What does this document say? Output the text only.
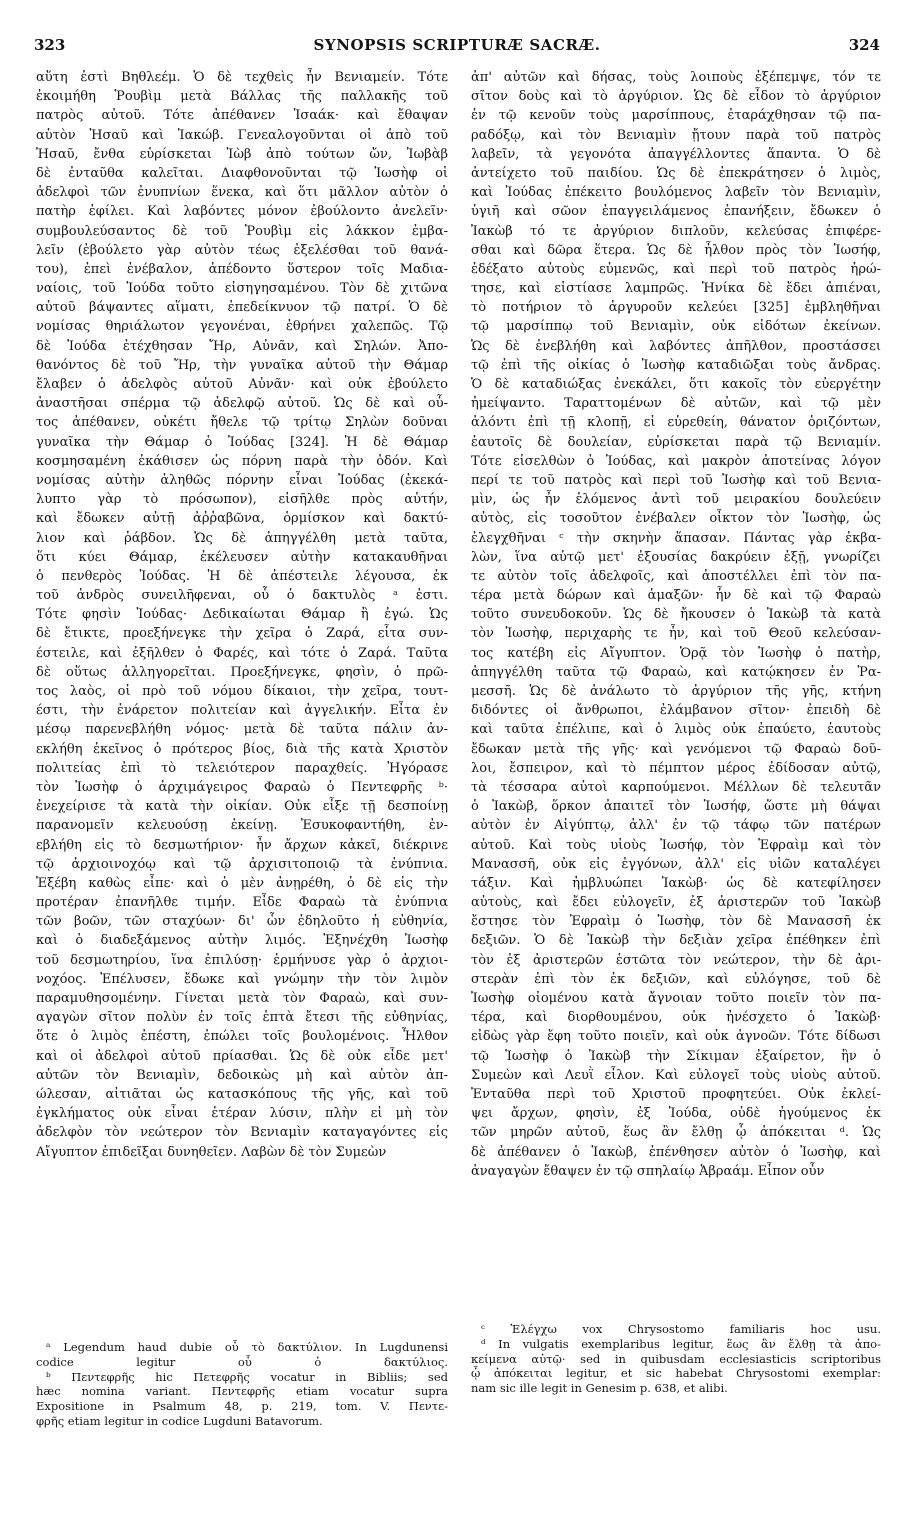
323	SYNOPSIS SCRIPTURÆ SACRÆ.	324
αὕτη ἐστὶ Βηθλεέμ. Ὁ δὲ τεχθεὶς ἦν Βενιαμείν. Τότε
ἐκοιμήθη Ῥουβὶμ μετὰ Βάλλας τῆς παλλακῆς τοῦ
πατρὸς αὐτοῦ. Τότε ἀπέθανεν Ἰσαάκ· καὶ ἔθαψαν
αὐτὸν Ἠσαῦ καὶ Ἰακώβ. Γενεαλογοῦνται οἱ ἀπὸ τοῦ
Ἠσαῦ, ἔνθα εὑρίσκεται Ἰὼβ ἀπὸ τούτων ὤν, Ἰωβὰβ
δὲ ἐνταῦθα καλεῖται. Διαφθονοῦνται τῷ Ἰωσὴφ οἱ
ἀδελφοὶ τῶν ἐνυπνίων ἕνεκα, καὶ ὅτι μᾶλλον αὐτὸν ὁ
πατὴρ ἐφίλει. Καὶ λαβόντες μόνον ἐβούλοντο ἀνελεῖν·
συμβουλεύσαντος δὲ τοῦ Ῥουβὶμ εἰς λάκκον ἐμβα-
λεῖν (ἐβούλετο γὰρ αὐτὸν τέως ἐξελέσθαι τοῦ θανά-
του), ἐπεὶ ἐνέβαλον, ἀπέδοντο ὕστερον τοῖς Μαδια-
ναίοις, τοῦ Ἰούδα τοῦτο εἰσηγησαμένου. Τὸν δὲ χιτῶνα
αὐτοῦ βάψαντες αἵματι, ἐπεδείκνυον τῷ πατρί. Ὁ δὲ
νομίσας θηριάλωτον γεγονέναι, ἐθρήνει χαλεπῶς. Τῷ
δὲ Ἰούδα ἐτέχθησαν Ἤρ, Αὐνᾶν, καὶ Σηλών. Ἀπο-
θανόντος δὲ τοῦ Ἤρ, τὴν γυναῖκα αὐτοῦ τὴν Θάμαρ
ἔλαβεν ὁ ἀδελφὸς αὐτοῦ Αὐνᾶν· καὶ οὐκ ἐβούλετο
ἀναστῆσαι σπέρμα τῷ ἀδελφῷ αὐτοῦ. Ὡς δὲ καὶ οὗ-
τος ἀπέθανεν, οὐκέτι ἤθελε τῷ τρίτῳ Σηλὼν δοῦναι
γυναῖκα τὴν Θάμαρ ὁ Ἰούδας [324]. Ἡ δὲ Θάμαρ
κοσμησαμένη ἐκάθισεν ὡς πόρνη παρὰ τὴν ὁδόν. Καὶ
νομίσας αὐτὴν ἀληθῶς πόρνην εἶναι Ἰούδας (ἐκεκά-
λυπτο γὰρ τὸ πρόσωπον), εἰσῆλθε πρὸς αὐτήν,
καὶ ἔδωκεν αὐτῇ ἀῤῥαβῶνα, ὁρμίσκον καὶ δακτύ-
λιον καὶ ῥάβδον. Ὡς δὲ ἀπηγγέλθη μετὰ ταῦτα,
ὅτι κύει Θάμαρ, ἐκέλευσεν αὐτὴν κατακαυθῆναι
ὁ πενθερὸς Ἰούδας. Ἡ δὲ ἀπέστειλε λέγουσα, ἐκ
τοῦ ἀνδρὸς συνειλῆφεναι, οὗ ὁ δακτυλὸς ᵃ ἐστι.
Τότε φησὶν Ἰούδας· Δεδικαίωται Θάμαρ ἢ ἐγώ. Ὡς
δὲ ἔτικτε, προεξήνεγκε τὴν χεῖρα ὁ Ζαρά, εἶτα συν-
έστειλε, καὶ ἐξῆλθεν ὁ Φαρές, καὶ τότε ὁ Ζαρά. Ταῦτα
δὲ οὕτως ἀλληγορεῖται. Προεξήνεγκε, φησὶν, ὁ πρῶ-
τος λαὸς, οἱ πρὸ τοῦ νόμου δίκαιοι, τὴν χεῖρα, τουτ-
έστι, τὴν ἐνάρετον πολιτείαν καὶ ἀγγελικήν. Εἶτα ἐν
μέσῳ παρενεβλήθη νόμος· μετὰ δὲ ταῦτα πάλιν ἀν-
εκλήθη ἐκεῖνος ὁ πρότερος βίος, διὰ τῆς κατὰ Χριστὸν
πολιτείας ἐπὶ τὸ τελειότερον παραχθείς. Ἠγόρασε
τὸν Ἰωσὴφ ὁ ἀρχιμάγειρος Φαραὼ ὁ Πεντεφρῆς ᵇ·
ἐνεχείρισε τὰ κατὰ τὴν οἰκίαν. Οὐκ εἶξε τῇ δεσποίνῃ
παρανομεῖν κελευούσῃ ἐκείνῃ. Ἐσυκοφαντήθη, ἐν-
εβλήθη εἰς τὸ δεσμωτήριον· ἦν ἄρχων κἀκεῖ, διέκρινε
τῷ ἀρχιοινοχόῳ καὶ τῷ ἀρχισιτοποιῷ τὰ ἐνύπνια.
Ἐξέβη καθὼς εἶπε· καὶ ὁ μὲν ἀνῃρέθη, ὁ δὲ εἰς τὴν
προτέραν ἐπανῆλθε τιμήν. Εἶδε Φαραὼ τὰ ἐνύπνια
τῶν βοῶν, τῶν σταχύων· δι' ὧν ἐδηλοῦτο ἡ εὐθηνία,
καὶ ὁ διαδεξάμενος αὐτὴν λιμός. Ἐξηνέχθη Ἰωσὴφ
τοῦ δεσμωτηρίου, ἵνα ἐπιλύσῃ· ἑρμήνυσε γὰρ ὁ ἀρχιοι-
νοχόος. Ἐπέλυσεν, ἔδωκε καὶ γνώμην τὴν τὸν λιμὸν
παραμυθησομένην. Γίνεται μετὰ τὸν Φαραὼ, καὶ συν-
αγαγὼν σῖτον πολὺν ἐν τοῖς ἑπτὰ ἔτεσι τῆς εὐθηνίας,
ὅτε ὁ λιμὸς ἐπέστη, ἐπώλει τοῖς βουλομένοις. Ἦλθον
καὶ οἱ ἀδελφοὶ αὐτοῦ πρίασθαι. Ὡς δὲ οὐκ εἶδε μετ'
αὐτῶν τὸν Βενιαμὶν, δεδοικὼς μὴ καὶ αὐτὸν ἀπ-
ώλεσαν, αἰτιᾶται ὡς κατασκόπους τῆς γῆς, καὶ τοῦ
ἐγκλήματος οὐκ εἶναι ἑτέραν λύσιν, πλὴν εἰ μὴ τὸν
ἀδελφὸν τὸν νεώτερον τὸν Βενιαμὶν καταγαγόντες εἰς
Αἴγυπτον ἐπιδεῖξαι δυνηθεῖεν. Λαβὼν δὲ τὸν Συμεὼν
ἀπ' αὐτῶν καὶ δήσας, τοὺς λοιποὺς ἐξέπεμψε, τόν τε
σῖτον δοὺς καὶ τὸ ἀργύριον. Ὡς δὲ εἶδον τὸ ἀργύριον
ἐν τῷ κενοῦν τοὺς μαρσίππους, ἐταράχθησαν τῷ πα-
ραδόξῳ, καὶ τὸν Βενιαμὶν ᾔτουν παρὰ τοῦ πατρὸς
λαβεῖν, τὰ γεγονότα ἀπαγγέλλοντες ἅπαντα. Ὁ δὲ
ἀντείχετο τοῦ παιδίου. Ὡς δὲ ἐπεκράτησεν ὁ λιμὸς,
καὶ Ἰούδας ἐπέκειτο βουλόμενος λαβεῖν τὸν Βενιαμὶν,
ὑγιῆ καὶ σῶον ἐπαγγειλάμενος ἐπανήξειν, ἔδωκεν ὁ
Ἰακὼβ τό τε ἀργύριον διπλοῦν, κελεύσας ἐπιφέρε-
σθαι καὶ δῶρα ἕτερα. Ὡς δὲ ἦλθον πρὸς τὸν Ἰωσήφ,
ἐδέξατο αὐτοὺς εὐμενῶς, καὶ περὶ τοῦ πατρὸς ἠρώ-
τησε, καὶ εἱστίασε λαμπρῶς. Ἡνίκα δὲ ἔδει ἀπιέναι,
τὸ ποτήριον τὸ ἀργυροῦν κελεύει [325] ἐμβληθῆναι
τῷ μαρσίππῳ τοῦ Βενιαμὶν, οὐκ εἰδότων ἐκείνων.
Ὡς δὲ ἐνεβλήθη καὶ λαβόντες ἀπῆλθον, προστάσσει
τῷ ἐπὶ τῆς οἰκίας ὁ Ἰωσὴφ καταδιῶξαι τοὺς ἄνδρας.
Ὁ δὲ καταδιώξας ἐνεκάλει, ὅτι κακοῖς τὸν εὐεργέτην
ἠμείψαντο. Ταραττομένων δὲ αὐτῶν, καὶ τῷ μὲν
ἀλόντι ἐπὶ τῇ κλοπῇ, εἰ εὑρεθείη, θάνατον ὁριζόντων,
ἑαυτοῖς δὲ δουλείαν, εὑρίσκεται παρὰ τῷ Βενιαμίν.
Τότε εἰσελθὼν ὁ Ἰούδας, καὶ μακρὸν ἀποτείνας λόγον
περί τε τοῦ πατρὸς καὶ περὶ τοῦ Ἰωσὴφ καὶ τοῦ Βενια-
μὶν, ὡς ἦν ἑλόμενος ἀντὶ τοῦ μειρακίου δουλεύειν
αὐτὸς, εἰς τοσοῦτον ἐνέβαλεν οἶκτον τὸν Ἰωσὴφ, ὡς
ἐλεγχθῆναι ᶜ τὴν σκηνὴν ἅπασαν. Πάντας γὰρ ἐκβα-
λὼν, ἵνα αὐτῷ μετ' ἐξουσίας δακρύειν ἐξῇ, γνωρίζει
τε αὐτὸν τοῖς ἀδελφοῖς, καὶ ἀποστέλλει ἐπὶ τὸν πα-
τέρα μετὰ δώρων καὶ ἁμαξῶν· ἦν δὲ καὶ τῷ Φαραὼ
τοῦτο συνευδοκοῦν. Ὡς δὲ ἤκουσεν ὁ Ἰακὼβ τὰ κατὰ
τὸν Ἰωσὴφ, περιχαρὴς τε ἦν, καὶ τοῦ Θεοῦ κελεύσαν-
τος κατέβη εἰς Αἴγυπτον. Ὁρᾷ τὸν Ἰωσὴφ ὁ πατὴρ,
ἀπηγγέλθη ταῦτα τῷ Φαραὼ, καὶ κατῴκησεν ἐν Ῥα-
μεσσῆ. Ὡς δὲ ἀνάλωτο τὸ ἀργύριον τῆς γῆς, κτήνη
διδόντες οἱ ἄνθρωποι, ἐλάμβανον σῖτον· ἐπειδὴ δὲ
καὶ ταῦτα ἐπέλιπε, καὶ ὁ λιμὸς οὐκ ἐπαύετο, ἑαυτοὺς
ἔδωκαν μετὰ τῆς γῆς· καὶ γενόμενοι τῷ Φαραὼ δοῦ-
λοι, ἔσπειρον, καὶ τὸ πέμπτον μέρος ἐδίδοσαν αὐτῷ,
τὰ τέσσαρα αὐτοὶ καρπούμενοι. Μέλλων δὲ τελευτᾶν
ὁ Ἰακὼβ, ὅρκον ἀπαιτεῖ τὸν Ἰωσήφ, ὥστε μὴ θάψαι
αὐτὸν ἐν Αἰγύπτῳ, ἀλλ' ἐν τῷ τάφῳ τῶν πατέρων
αὐτοῦ. Καὶ τοὺς υἱοὺς Ἰωσήφ, τὸν Ἐφραὶμ καὶ τὸν
Μανασσῆ, οὐκ εἰς ἐγγόνων, ἀλλ' εἰς υἱῶν καταλέγει
τάξιν. Καὶ ἠμβλυώπει Ἰακὼβ· ὡς δὲ κατεφίλησεν
αὐτοὺς, καὶ ἔδει εὐλογεῖν, ἐξ ἀριστερῶν τοῦ Ἰακὼβ
ἔστησε τὸν Ἐφραὶμ ὁ Ἰωσὴφ, τὸν δὲ Μανασσῆ ἐκ
δεξιῶν. Ὁ δὲ Ἰακὼβ τὴν δεξιὰν χεῖρα ἐπέθηκεν ἐπὶ
τὸν ἐξ ἀριστερῶν ἑστῶτα τὸν νεώτερον, τὴν δὲ ἀρι-
στερὰν ἐπὶ τὸν ἐκ δεξιῶν, καὶ εὐλόγησε, τοῦ δὲ
Ἰωσὴφ οἰομένου κατὰ ἄγνοιαν τοῦτο ποιεῖν τὸν πα-
τέρα, καὶ διορθουμένου, οὐκ ἠνέσχετο ὁ Ἰακὼβ·
εἰδὼς γὰρ ἔφη τοῦτο ποιεῖν, καὶ οὐκ ἀγνοῶν. Τότε δίδωσι
τῷ Ἰωσὴφ ὁ Ἰακὼβ τὴν Σίκιμαν ἐξαίρετον, ἣν ὁ
Συμεὼν καὶ Λευῒ εἷλον. Καὶ εὐλογεῖ τοὺς υἱοὺς αὐτοῦ.
Ἐνταῦθα περὶ τοῦ Χριστοῦ προφητεύει. Οὐκ ἐκλεί-
ψει ἄρχων, φησὶν, ἐξ Ἰούδα, οὐδὲ ἡγούμενος ἐκ
τῶν μηρῶν αὐτοῦ, ἕως ἂν ἔλθῃ ᾧ ἀπόκειται ᵈ. Ὡς
δὲ ἀπέθανεν ὁ Ἰακὼβ, ἐπένθησεν αὐτὸν ὁ Ἰωσὴφ, καὶ
ἀναγαγὼν ἔθαψεν ἐν τῷ σπηλαίῳ Ἀβραάμ. Εἶπον οὖν
ᵃ Legendum haud dubie οὗ τὸ δακτύλιον. In Lugdunensi
codice legitur οὗ ὁ δακτύλιος.
ᵇ Πεντεφρῆς hic Πετεφρῆς vocatur in Bibliis; sed
hæc nomina variant. Πεντεφρῆς etiam vocatur supra
Expositione in Psalmum 48, p. 219, tom. V. Πεντε-
φρῆς etiam legitur in codice Lugduni Batavorum.
ᶜ Ἐλέγχω vox Chrysostomo familiaris hoc usu.
ᵈ In vulgatis exemplaribus legitur, ἕως ἂν ἔλθῃ τὰ ἀπο-
κείμενα αὐτῷ· sed in quibusdam ecclesiasticis scriptoribus
ᾧ ἀπόκειται legitur, et sic habebat Chrysostomi exemplar:
nam sic ille legit in Genesim p. 638, et alibi.
